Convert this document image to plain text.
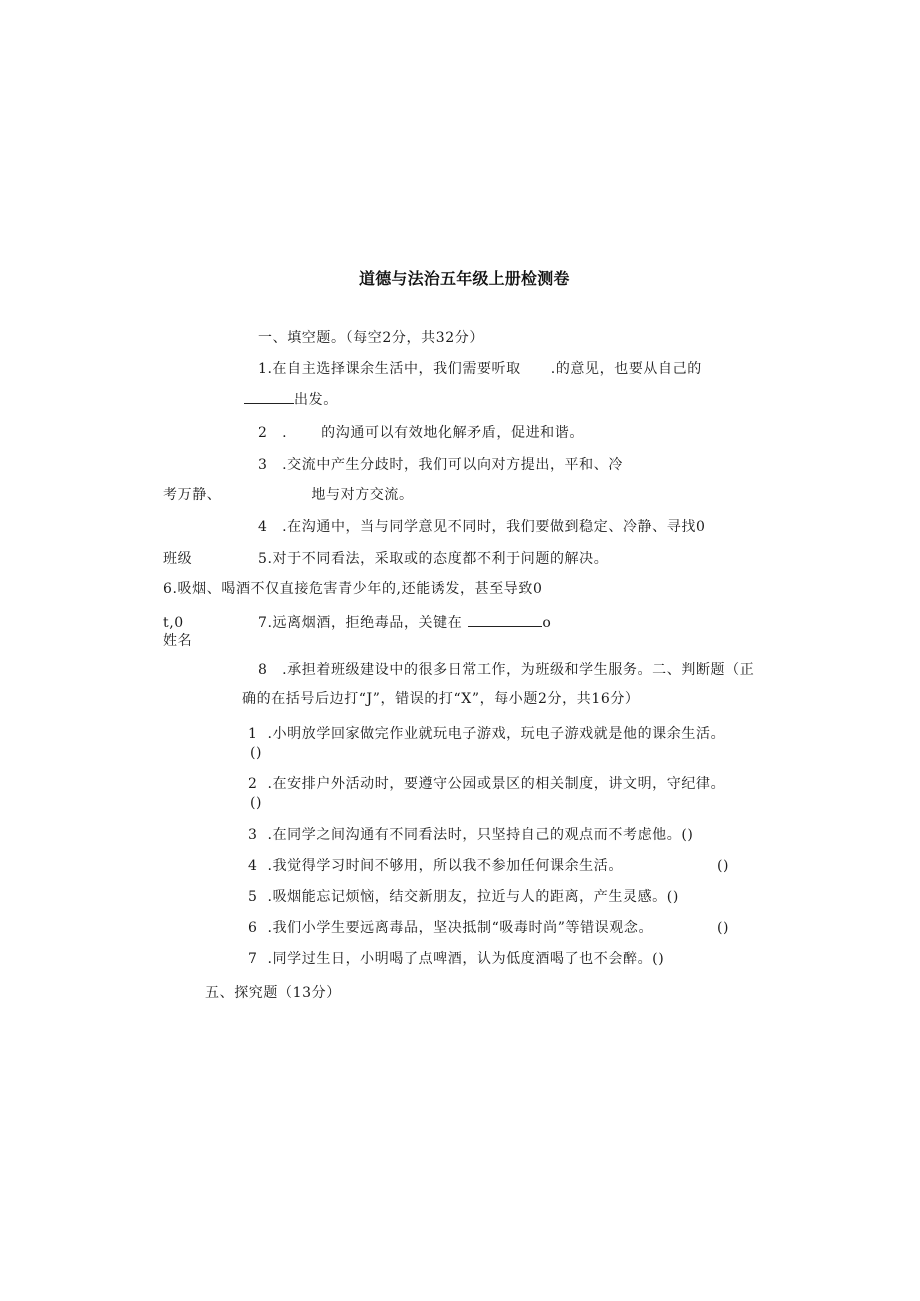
道德与法治五年级上册检测卷
一、填空题。（每空2分，共32分）
1.在自主选择课余生活中，我们需要听取 .的意见，也要从自己的
出发。
2　. 的沟通可以有效地化解矛盾，促进和谐。
3　.交流中产生分歧时，我们可以向对方提出，平和、冷
考万静、	地与对方交流。
4　.在沟通中，当与同学意见不同时，我们要做到稳定、冷静、寻找0
班级	5.对于不同看法，采取或的态度都不利于问题的解决。
6.吸烟、喝酒不仅直接危害青少年的,还能诱发，甚至导致0
t,0	7.远离烟酒，拒绝毒品，关键在	o
姓名
8　.承担着班级建设中的很多日常工作，为班级和学生服务。二、判断题（正
确的在括号后边打“J”，错误的打“X”，每小题2分，共16分）
1 .小明放学回家做完作业就玩电子游戏，玩电子游戏就是他的课余生活。
()
2 .在安排户外活动时，要遵守公园或景区的相关制度，讲文明，守纪律。
()
3 .在同学之间沟通有不同看法时，只坚持自己的观点而不考虑他。()
4 .我觉得学习时间不够用，所以我不参加任何课余生活。	()
5 .吸烟能忘记烦恼，结交新朋友，拉近与人的距离，产生灵感。()
6 .我们小学生要远离毒品，坚决抵制“吸毒时尚”等错误观念。	()
7 .同学过生日，小明喝了点啤酒，认为低度酒喝了也不会醉。()
五、探究题（13分）
